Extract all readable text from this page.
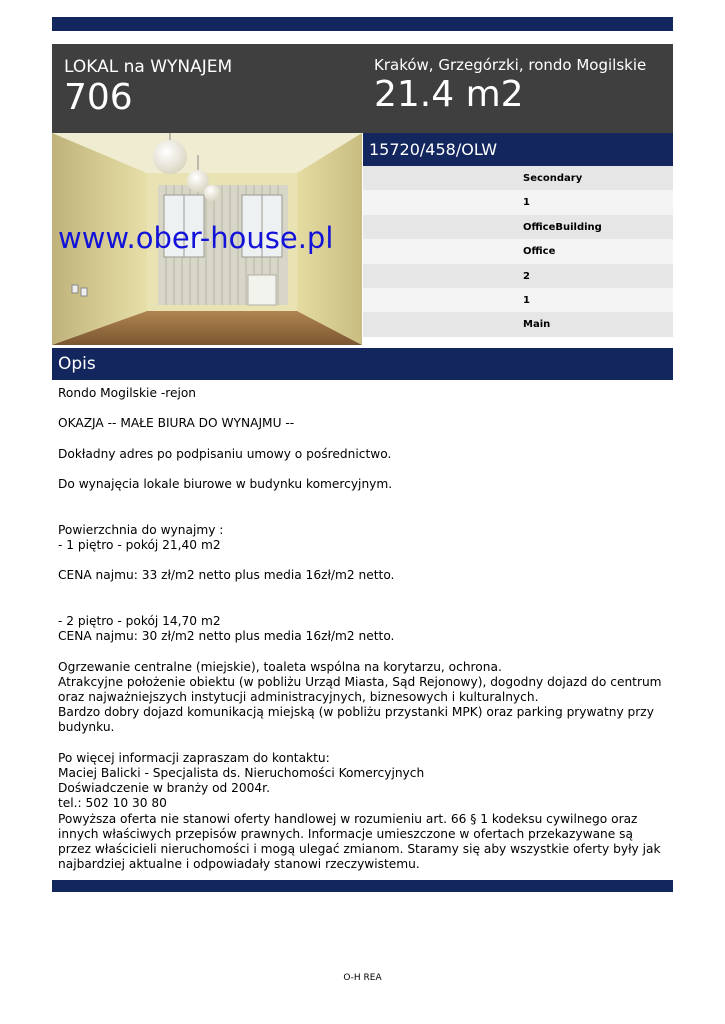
LOKAL na WYNAJEM
706
Kraków, Grzegórzki, rondo Mogilskie
21.4 m2
www.ober-house.pl
15720/458/OLW
Secondary
1
OfficeBuilding
Office
2
1
Main
Opis

Rondo Mogilskie -rejon

OKAZJA -- MAŁE BIURA DO WYNAJMU --

Dokładny adres po podpisaniu umowy o pośrednictwo.

Do wynajęcia lokale biurowe w budynku komercyjnym.

Powierzchnia do wynajmy :

- 1 piętro - pokój 21,40 m2

CENA najmu: 33 zł/m2 netto plus media 16zł/m2 netto.

- 2 piętro - pokój 14,70 m2

CENA najmu: 30 zł/m2 netto plus media 16zł/m2 netto.

Ogrzewanie centralne (miejskie), toaleta wspólna na korytarzu, ochrona.

Atrakcyjne położenie obiektu (w pobliżu Urząd Miasta, Sąd Rejonowy), dogodny dojazd do centrum

oraz najważniejszych instytucji administracyjnych, biznesowych i kulturalnych.

Bardzo dobry dojazd komunikacją miejską (w pobliżu przystanki MPK) oraz parking prywatny przy

budynku.

Po więcej informacji zapraszam do kontaktu:

Maciej Balicki - Specjalista ds. Nieruchomości Komercyjnych

Doświadczenie w branży od 2004r.

tel.: 502 10 30 80

Powyższa oferta nie stanowi oferty handlowej w rozumieniu art. 66 § 1 kodeksu cywilnego oraz

innych właściwych przepisów prawnych. Informacje umieszczone w ofertach przekazywane są

przez właścicieli nieruchomości i mogą ulegać zmianom. Staramy się aby wszystkie oferty były jak

najbardziej aktualne i odpowiadały stanowi rzeczywistemu.

O-H REA
